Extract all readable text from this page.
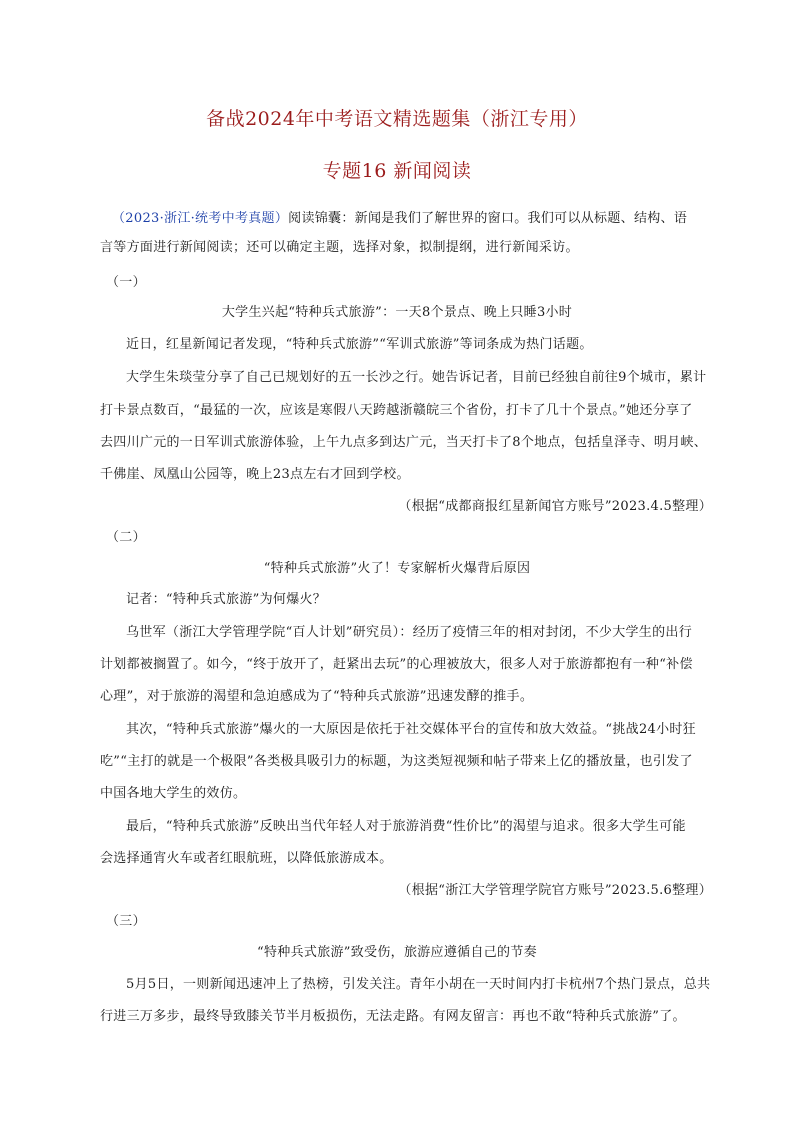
备战2024年中考语文精选题集（浙江专用）
专题16 新闻阅读
（2023·浙江·统考中考真题）阅读锦囊：新闻是我们了解世界的窗口。我们可以从标题、结构、语
言等方面进行新闻阅读；还可以确定主题，选择对象，拟制提纲，进行新闻采访。
（一）
大学生兴起“特种兵式旅游”：一天8个景点、晚上只睡3小时
近日，红星新闻记者发现，“特种兵式旅游”“军训式旅游”等词条成为热门话题。
大学生朱琰莹分享了自己已规划好的五一长沙之行。她告诉记者，目前已经独自前往9个城市，累计
打卡景点数百，“最猛的一次，应该是寒假八天跨越浙赣皖三个省份，打卡了几十个景点。”她还分享了
去四川广元的一日军训式旅游体验，上午九点多到达广元，当天打卡了8个地点，包括皇泽寺、明月峡、
千佛崖、凤凰山公园等，晚上23点左右才回到学校。
（根据“成都商报红星新闻官方账号”2023.4.5整理）
（二）
“特种兵式旅游”火了！专家解析火爆背后原因
记者：“特种兵式旅游”为何爆火？
乌世军（浙江大学管理学院“百人计划”研究员）：经历了疫情三年的相对封闭，不少大学生的出行
计划都被搁置了。如今，“终于放开了，赶紧出去玩”的心理被放大，很多人对于旅游都抱有一种“补偿
心理”，对于旅游的渴望和急迫感成为了“特种兵式旅游”迅速发酵的推手。
其次，“特种兵式旅游”爆火的一大原因是依托于社交媒体平台的宣传和放大效益。“挑战24小时狂
吃”“主打的就是一个极限”各类极具吸引力的标题，为这类短视频和帖子带来上亿的播放量，也引发了
中国各地大学生的效仿。
最后，“特种兵式旅游”反映出当代年轻人对于旅游消费“性价比”的渴望与追求。很多大学生可能
会选择通宵火车或者红眼航班，以降低旅游成本。
（根据“浙江大学管理学院官方账号”2023.5.6整理）
（三）
“特种兵式旅游”致受伤，旅游应遵循自己的节奏
5月5日，一则新闻迅速冲上了热榜，引发关注。青年小胡在一天时间内打卡杭州7个热门景点，总共
行进三万多步，最终导致膝关节半月板损伤，无法走路。有网友留言：再也不敢“特种兵式旅游”了。
